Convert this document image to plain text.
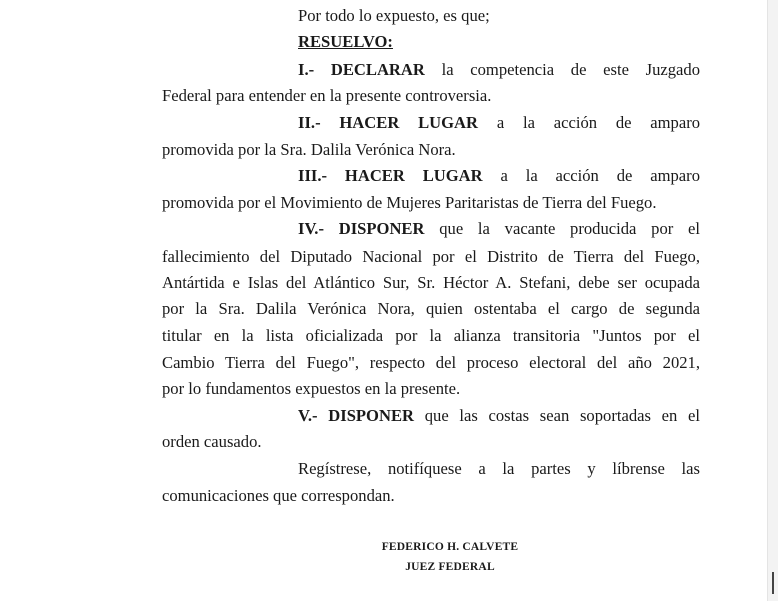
Por todo lo expuesto, es que;
RESUELVO:
I.- DECLARAR la competencia de este Juzgado
Federal para entender en la presente controversia.
II.- HACER LUGAR a la acción de amparo
promovida por la Sra. Dalila Verónica Nora.
III.- HACER LUGAR a la acción de amparo
promovida por el Movimiento de Mujeres Paritaristas de Tierra del Fuego.
IV.- DISPONER que la vacante producida por el
fallecimiento del Diputado Nacional por el Distrito de Tierra del Fuego,
Antártida e Islas del Atlántico Sur, Sr. Héctor A. Stefani, debe ser ocupada
por la Sra. Dalila Verónica Nora, quien ostentaba el cargo de segunda
titular en la lista oficializada por la alianza transitoria "Juntos por el
Cambio Tierra del Fuego", respecto del proceso electoral del año 2021,
por lo fundamentos expuestos en la presente.
V.- DISPONER que las costas sean soportadas en el
orden causado.
Regístrese, notifíquese a la partes y líbrense las
comunicaciones que correspondan.
FEDERICO H. CALVETE
JUEZ FEDERAL
